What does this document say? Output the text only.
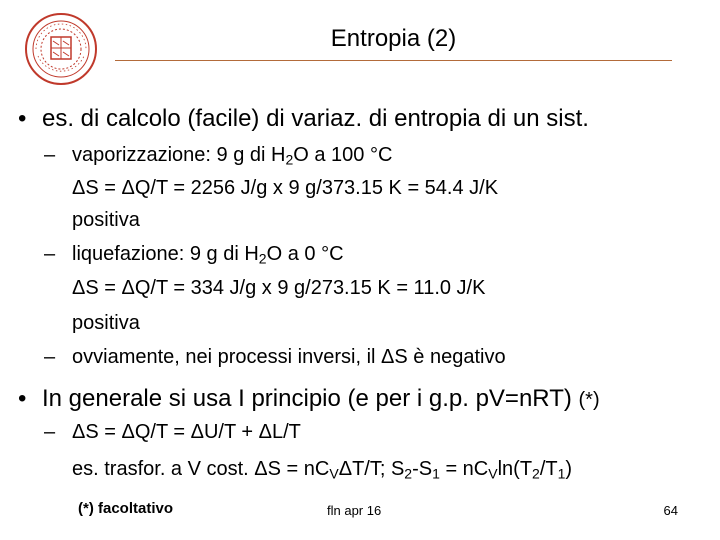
Entropia (2)
• es. di calcolo (facile) di variaz. di entropia di un sist.
– vaporizzazione: 9 g di $H_2O$ a 100 °C
ΔS = ΔQ/T = 2256 J/g x 9 g/373.15 K = 54.4 J/K
positiva
– liquefazione: 9 g di $H_2O$ a 0 °C
ΔS = ΔQ/T = 334 J/g x 9 g/273.15 K = 11.0 J/K
positiva
– ovviamente, nei processi inversi, il ΔS è negativo
• In generale si usa I principio (e per i g.p. pV=nRT) (*)
– ΔS = ΔQ/T = ΔU/T + ΔL/T
es. trasfor. a V cost. $\Delta S = nC_V\Delta T/T$; $S_2-S_1 = nC_V\ln(T_2/T_1)$
(*) facoltativo	fln apr 16	64
